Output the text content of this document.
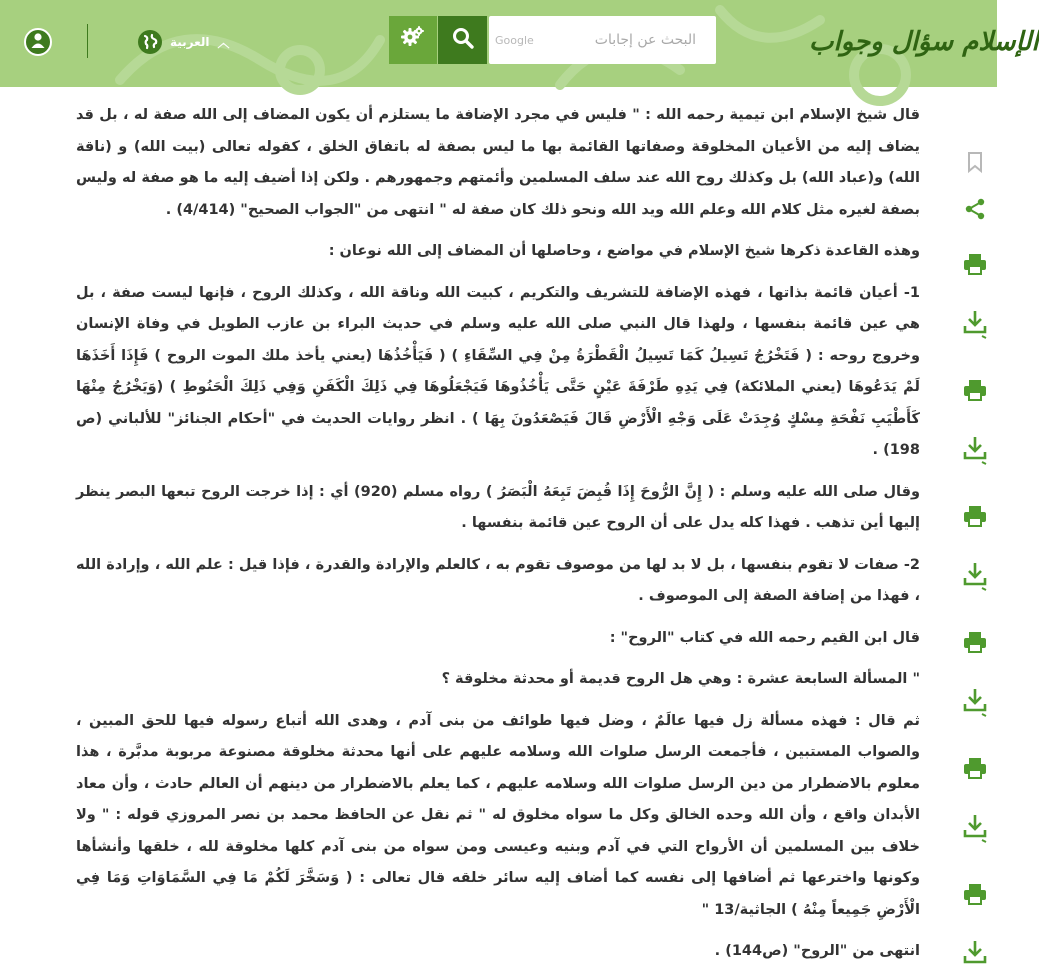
العربية ︿	Google
البحث عن إجابات	الإسلام سؤال وجواب

قال شيخ الإسلام ابن تيمية رحمه الله : " فليس في مجرد الإضافة ما يستلزم أن يكون المضاف إلى الله صفة له ، بل قد يضاف إليه من الأعيان المخلوقة وصفاتها القائمة بها ما ليس بصفة له باتفاق الخلق ، كقوله تعالى (بيت الله) و (ناقة الله) و(عباد الله) بل وكذلك روح الله عند سلف المسلمين وأئمتهم وجمهورهم . ولكن إذا أضيف إليه ما هو صفة له وليس بصفة لغيره مثل كلام الله وعلم الله ويد الله ونحو ذلك كان صفة له " انتهى من "الجواب الصحيح" (4/414) .

وهذه القاعدة ذكرها شيخ الإسلام في مواضع ، وحاصلها أن المضاف إلى الله نوعان :

1- أعيان قائمة بذاتها ، فهذه الإضافة للتشريف والتكريم ، كبيت الله وناقة الله ، وكذلك الروح ، فإنها ليست صفة ، بل هي عين قائمة بنفسها ، ولهذا قال النبي صلى الله عليه وسلم في حديث البراء بن عازب الطويل في وفاة الإنسان وخروج روحه : ( فَتَخْرُجُ تَسِيلُ كَمَا تَسِيلُ الْقَطْرَةُ مِنْ فِي السِّقَاءِ ) ( فَيَأْخُذُهَا (يعني يأخذ ملك الموت الروح ) فَإِذَا أَخَذَهَا لَمْ يَدَعُوهَا (يعني الملائكة) فِي يَدِهِ طَرْفَةَ عَيْنٍ حَتَّى يَأْخُذُوهَا فَيَجْعَلُوهَا فِي ذَلِكَ الْكَفَنِ وَفِي ذَلِكَ الْحَنُوطِ ) (وَيَخْرُجُ مِنْهَا كَأَطْيَبِ نَفْحَةِ مِسْكٍ وُجِدَتْ عَلَى وَجْهِ الْأَرْضِ قَالَ فَيَصْعَدُونَ بِهَا ) . انظر روايات الحديث في "أحكام الجنائز" للألباني (ص 198) .

وقال صلى الله عليه وسلم : ( إِنَّ الرُّوحَ إِذَا قُبِضَ تَبِعَهُ الْبَصَرُ ) رواه مسلم (920) أي : إذا خرجت الروح تبعها البصر ينظر إليها أين تذهب . فهذا كله يدل على أن الروح عين قائمة بنفسها .

2- صفات لا تقوم بنفسها ، بل لا بد لها من موصوف تقوم به ، كالعلم والإرادة والقدرة ، فإذا قيل : علم الله ، وإرادة الله ، فهذا من إضافة الصفة إلى الموصوف .

قال ابن القيم رحمه الله في كتاب "الروح" :

" المسألة السابعة عشرة : وهي هل الروح قديمة أو محدثة مخلوقة ؟

ثم قال : فهذه مسألة زل فيها عالَمٌ ، وضل فيها طوائف من بنى آدم ، وهدى الله أتباع رسوله فيها للحق المبين ، والصواب المستبين ، فأجمعت الرسل صلوات الله وسلامه عليهم على أنها محدثة مخلوقة مصنوعة مربوبة مدبَّرة ، هذا معلوم بالاضطرار من دين الرسل صلوات الله وسلامه عليهم ، كما يعلم بالاضطرار من دينهم أن العالم حادث ، وأن معاد الأبدان واقع ، وأن الله وحده الخالق وكل ما سواه مخلوق له " ثم نقل عن الحافظ محمد بن نصر المروزي قوله : " ولا خلاف بين المسلمين أن الأرواح التي في آدم وبنيه وعيسى ومن سواه من بنى آدم كلها مخلوقة لله ، خلقها وأنشأها وكونها واخترعها ثم أضافها إلى نفسه كما أضاف إليه سائر خلقه قال تعالى : ( وَسَخَّرَ لَكُمْ مَا فِي السَّمَاوَاتِ وَمَا فِي الْأَرْضِ جَمِيعاً مِنْهُ ) الجاثية/13 "

انتهى من "الروح" (ص144) .
